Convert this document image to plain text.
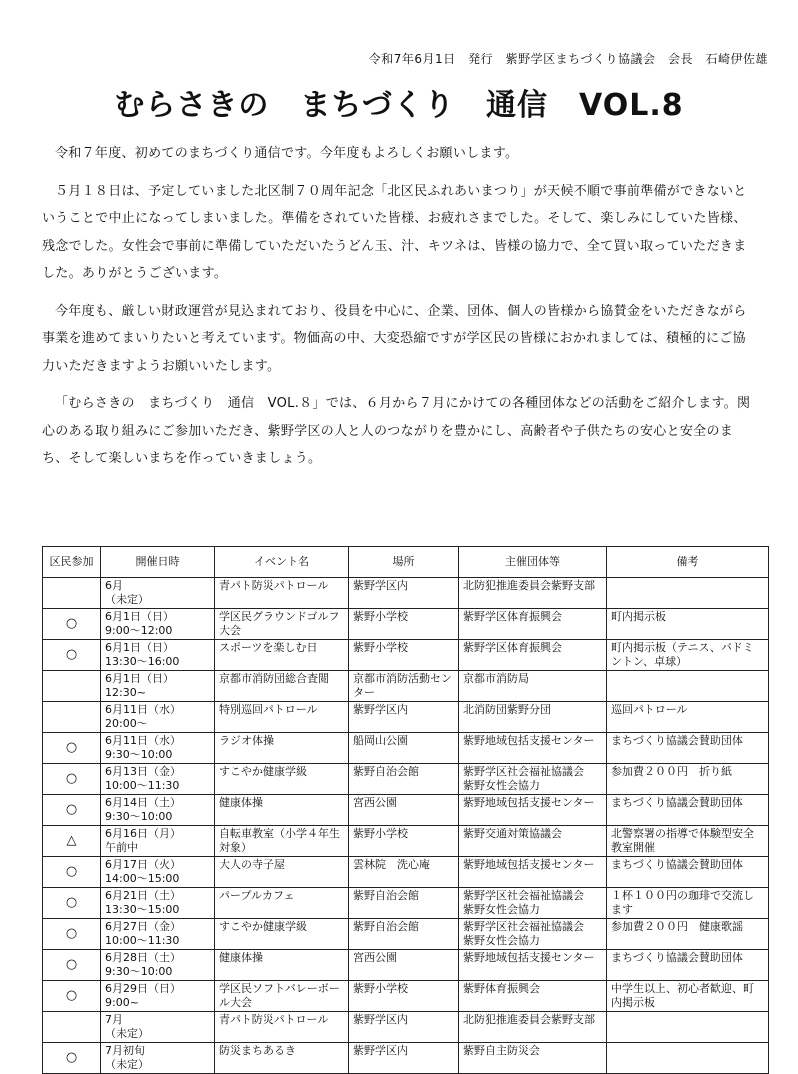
令和7年6月1日　発行　紫野学区まちづくり協議会　会長　石崎伊佐雄
むらさきの　まちづくり　通信　VOL.8

令和７年度、初めてのまちづくり通信です。今年度もよろしくお願いします。

５月１８日は、予定していました北区制７０周年記念「北区民ふれあいまつり」が天候不順で事前準備ができないということで中止になってしまいました。準備をされていた皆様、お疲れさまでした。そして、楽しみにしていた皆様、残念でした。女性会で事前に準備していただいたうどん玉、汁、キツネは、皆様の協力で、全て買い取っていただきました。ありがとうございます。

今年度も、厳しい財政運営が見込まれており、役員を中心に、企業、団体、個人の皆様から協賛金をいただきながら事業を進めてまいりたいと考えています。物価高の中、大変恐縮ですが学区民の皆様におかれましては、積極的にご協力いただきますようお願いいたします。

「むらさきの　まちづくり　通信　VOL.８」では、６月から７月にかけての各種団体などの活動をご紹介します。関心のある取り組みにご参加いただき、紫野学区の人と人のつながりを豊かにし、高齢者や子供たちの安心と安全のまち、そして楽しいまちを作っていきましょう。

区民参加	開催日時	イベント名	場所	主催団体等	備考

	6月
（未定）	青パト防災パトロール	紫野学区内	北防犯推進委員会紫野支部	

○	6月1日（日）
9:00～12:00	学区民グラウンドゴルフ大会	紫野小学校	紫野学区体育振興会	町内掲示板

○	6月1日（日）
13:30～16:00	スポーツを楽しむ日	紫野小学校	紫野学区体育振興会	町内掲示板（テニス、バドミントン、卓球）

	6月1日（日）
12:30~	京都市消防団総合査閲	京都市消防活動センター	京都市消防局	

	6月11日（水）
20:00～	特別巡回パトロール	紫野学区内	北消防団紫野分団	巡回パトロール

○	6月11日（水）
9:30～10:00	ラジオ体操	船岡山公園	紫野地域包括支援センター	まちづくり協議会賛助団体

○	6月13日（金）
10:00～11:30	すこやか健康学級	紫野自治会館	紫野学区社会福祉協議会　紫野女性会協力	参加費２００円　折り紙

○	6月14日（土）
9:30～10:00	健康体操	宮西公園	紫野地域包括支援センター	まちづくり協議会賛助団体

△	6月16日（月）
午前中	自転車教室（小学４年生対象）	紫野小学校	紫野交通対策協議会	北警察署の指導で体験型安全教室開催

○	6月17日（火）
14:00～15:00	大人の寺子屋	雲林院　洗心庵	紫野地域包括支援センター	まちづくり協議会賛助団体

○	6月21日（土）
13:30～15:00	パープルカフェ	紫野自治会館	紫野学区社会福祉協議会　紫野女性会協力	１杯１００円の珈琲で交流します

○	6月27日（金）
10:00～11:30	すこやか健康学級	紫野自治会館	紫野学区社会福祉協議会　紫野女性会協力	参加費２００円　健康歌謡

○	6月28日（土）
9:30～10:00	健康体操	宮西公園	紫野地域包括支援センター	まちづくり協議会賛助団体

○	6月29日（日）
9:00~	学区民ソフトバレーボール大会	紫野小学校	紫野体育振興会	中学生以上、初心者歓迎、町内掲示板

	7月
（未定）	青パト防災パトロール	紫野学区内	北防犯推進委員会紫野支部	

○	7月初旬
（未定）	防災まちあるき	紫野学区内	紫野自主防災会	
